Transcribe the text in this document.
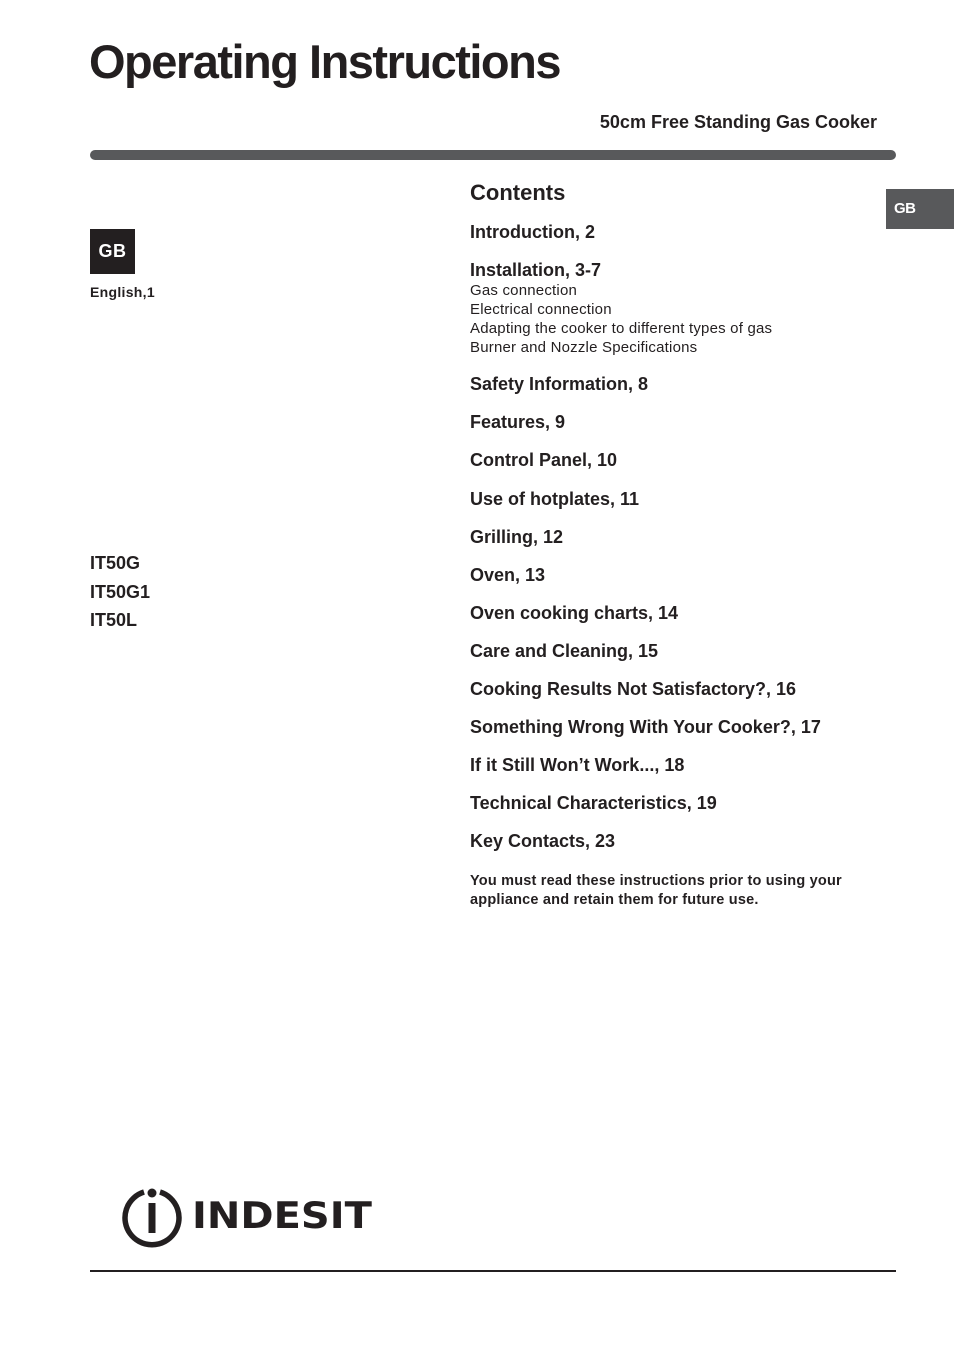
Operating Instructions
50cm Free Standing Gas Cooker
GB
GB
English,1
IT50G
IT50G1
IT50L
Contents
Introduction, 2
Installation, 3-7
Gas connection
Electrical connection
Adapting the cooker to different types of gas
Burner and Nozzle Specifications
Safety Information, 8
Features, 9
Control Panel, 10
Use of hotplates, 11
Grilling, 12
Oven, 13
Oven cooking charts, 14
Care and Cleaning, 15
Cooking Results Not Satisfactory?, 16
Something Wrong With Your Cooker?, 17
If it Still Won’t Work..., 18
Technical Characteristics, 19
Key Contacts, 23
You must read these instructions prior to using your appliance and retain them for future use.
INDESIT
